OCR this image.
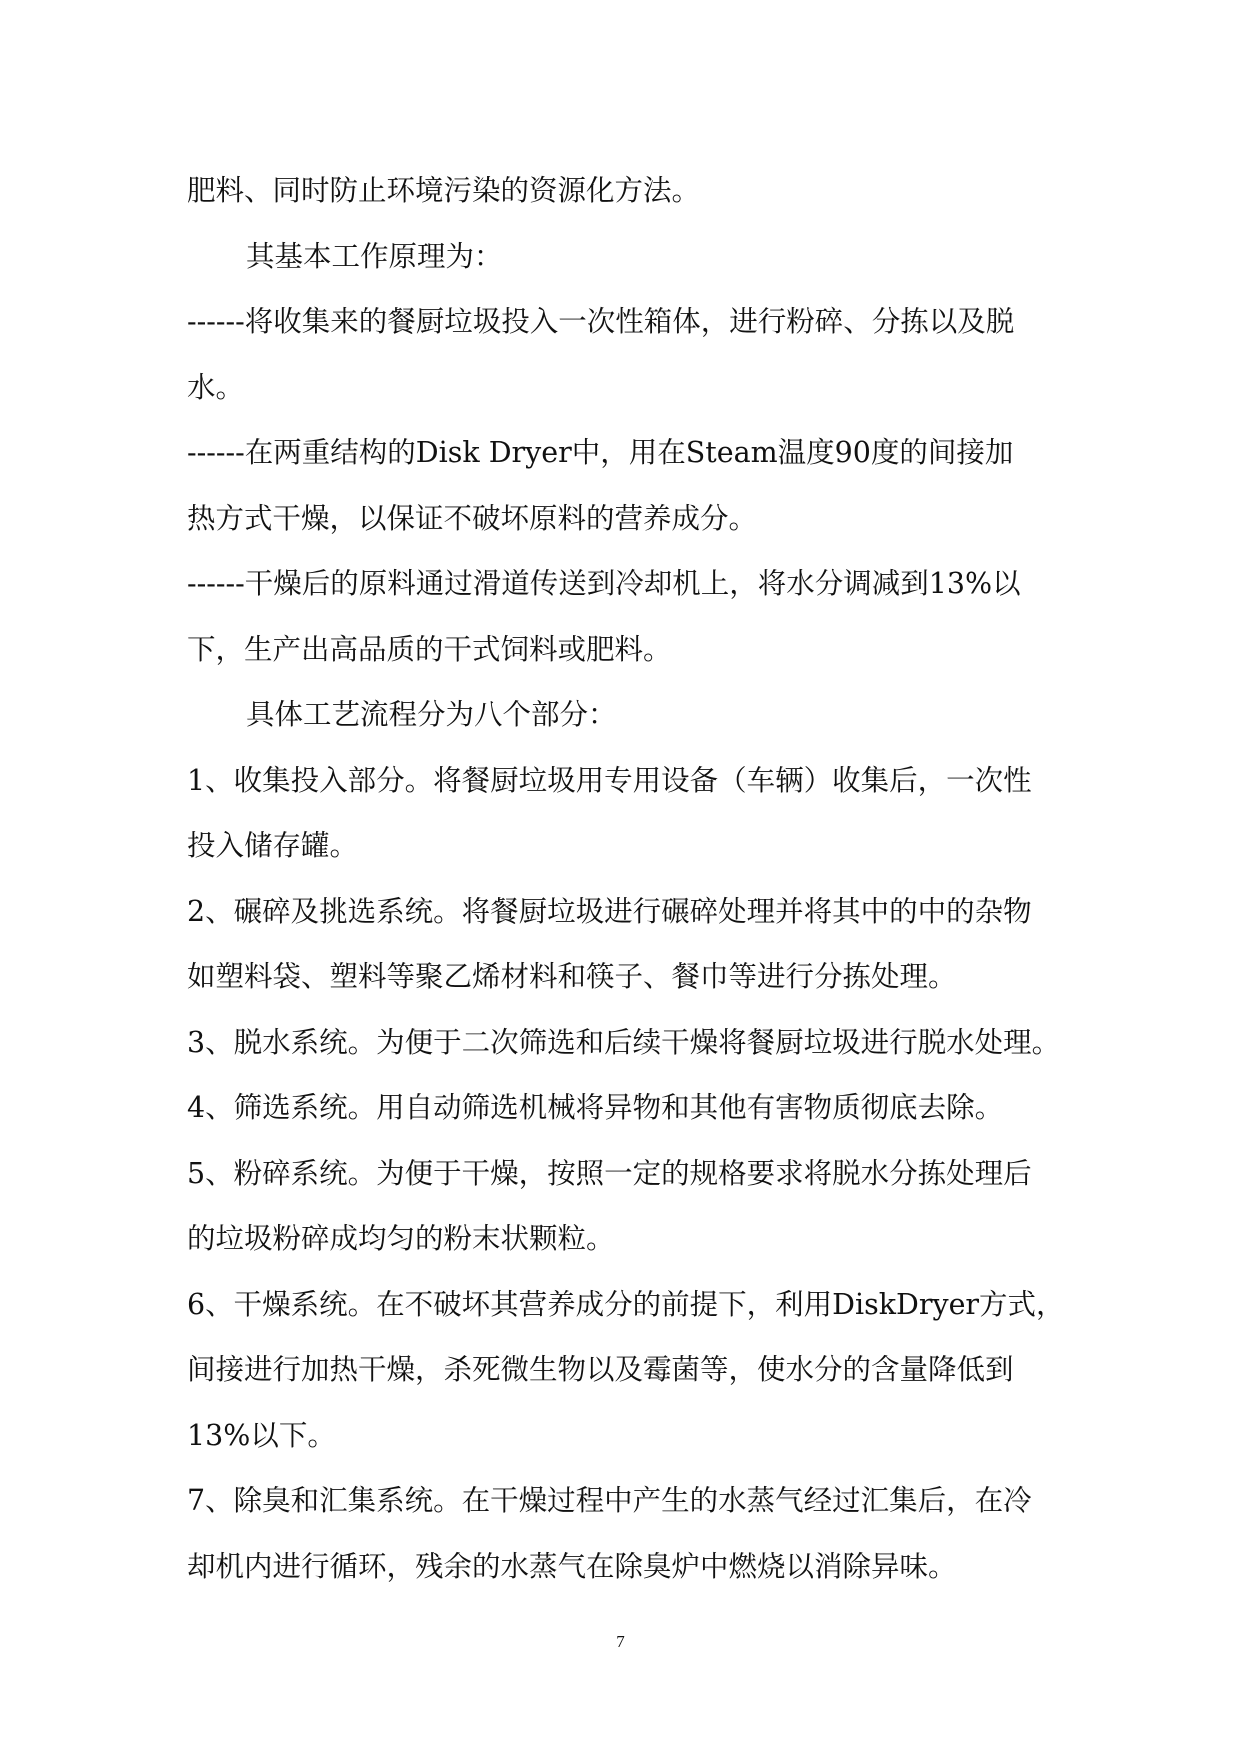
肥料、同时防止环境污染的资源化方法。
其基本工作原理为：
------将收集来的餐厨垃圾投入一次性箱体，进行粉碎、分拣以及脱
水。
------在两重结构的Disk Dryer中，用在Steam温度90度的间接加
热方式干燥，以保证不破坏原料的营养成分。
------干燥后的原料通过滑道传送到冷却机上，将水分调减到13%以
下，生产出高品质的干式饲料或肥料。
具体工艺流程分为八个部分：
1、收集投入部分。将餐厨垃圾用专用设备（车辆）收集后，一次性
投入储存罐。
2、碾碎及挑选系统。将餐厨垃圾进行碾碎处理并将其中的中的杂物
如塑料袋、塑料等聚乙烯材料和筷子、餐巾等进行分拣处理。
3、脱水系统。为便于二次筛选和后续干燥将餐厨垃圾进行脱水处理。
4、筛选系统。用自动筛选机械将异物和其他有害物质彻底去除。
5、粉碎系统。为便于干燥，按照一定的规格要求将脱水分拣处理后
的垃圾粉碎成均匀的粉末状颗粒。
6、干燥系统。在不破坏其营养成分的前提下，利用DiskDryer方式，
间接进行加热干燥，杀死微生物以及霉菌等，使水分的含量降低到
13%以下。
7、除臭和汇集系统。在干燥过程中产生的水蒸气经过汇集后，在冷
却机内进行循环，残余的水蒸气在除臭炉中燃烧以消除异味。
7
